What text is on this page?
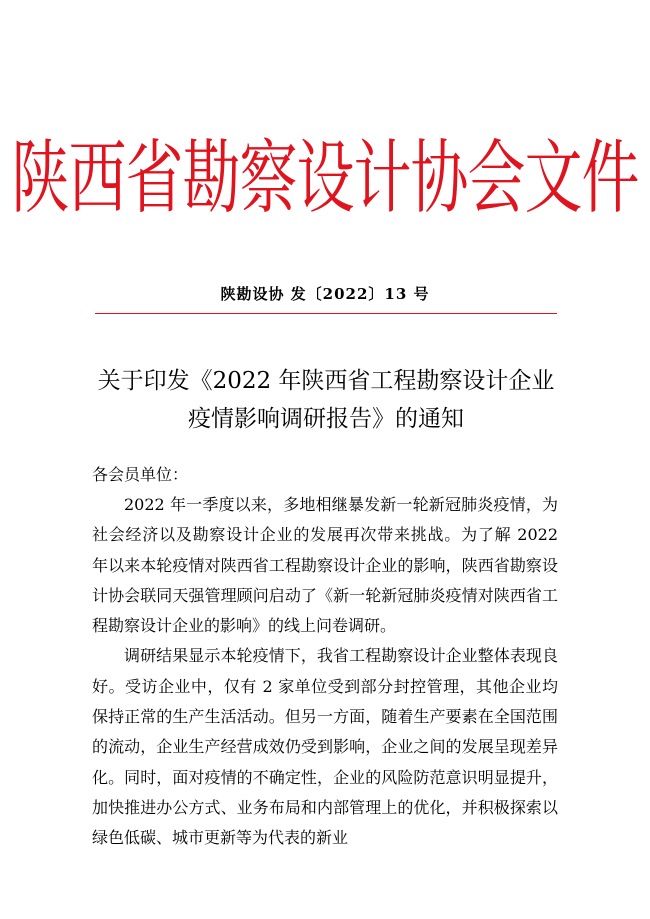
陕西省勘察设计协会文件
陕勘设协 发〔2022〕13 号
关于印发《2022 年陕西省工程勘察设计企业
疫情影响调研报告》的通知
各会员单位：

2022 年一季度以来，多地相继暴发新一轮新冠肺炎疫情，为社会经济以及勘察设计企业的发展再次带来挑战。为了解 2022 年以来本轮疫情对陕西省工程勘察设计企业的影响，陕西省勘察设计协会联同天强管理顾问启动了《新一轮新冠肺炎疫情对陕西省工程勘察设计企业的影响》的线上问卷调研。

调研结果显示本轮疫情下，我省工程勘察设计企业整体表现良好。受访企业中，仅有 2 家单位受到部分封控管理，其他企业均保持正常的生产生活活动。但另一方面，随着生产要素在全国范围的流动，企业生产经营成效仍受到影响，企业之间的发展呈现差异化。同时，面对疫情的不确定性，企业的风险防范意识明显提升，加快推进办公方式、业务布局和内部管理上的优化，并积极探索以绿色低碳、城市更新等为代表的新业
